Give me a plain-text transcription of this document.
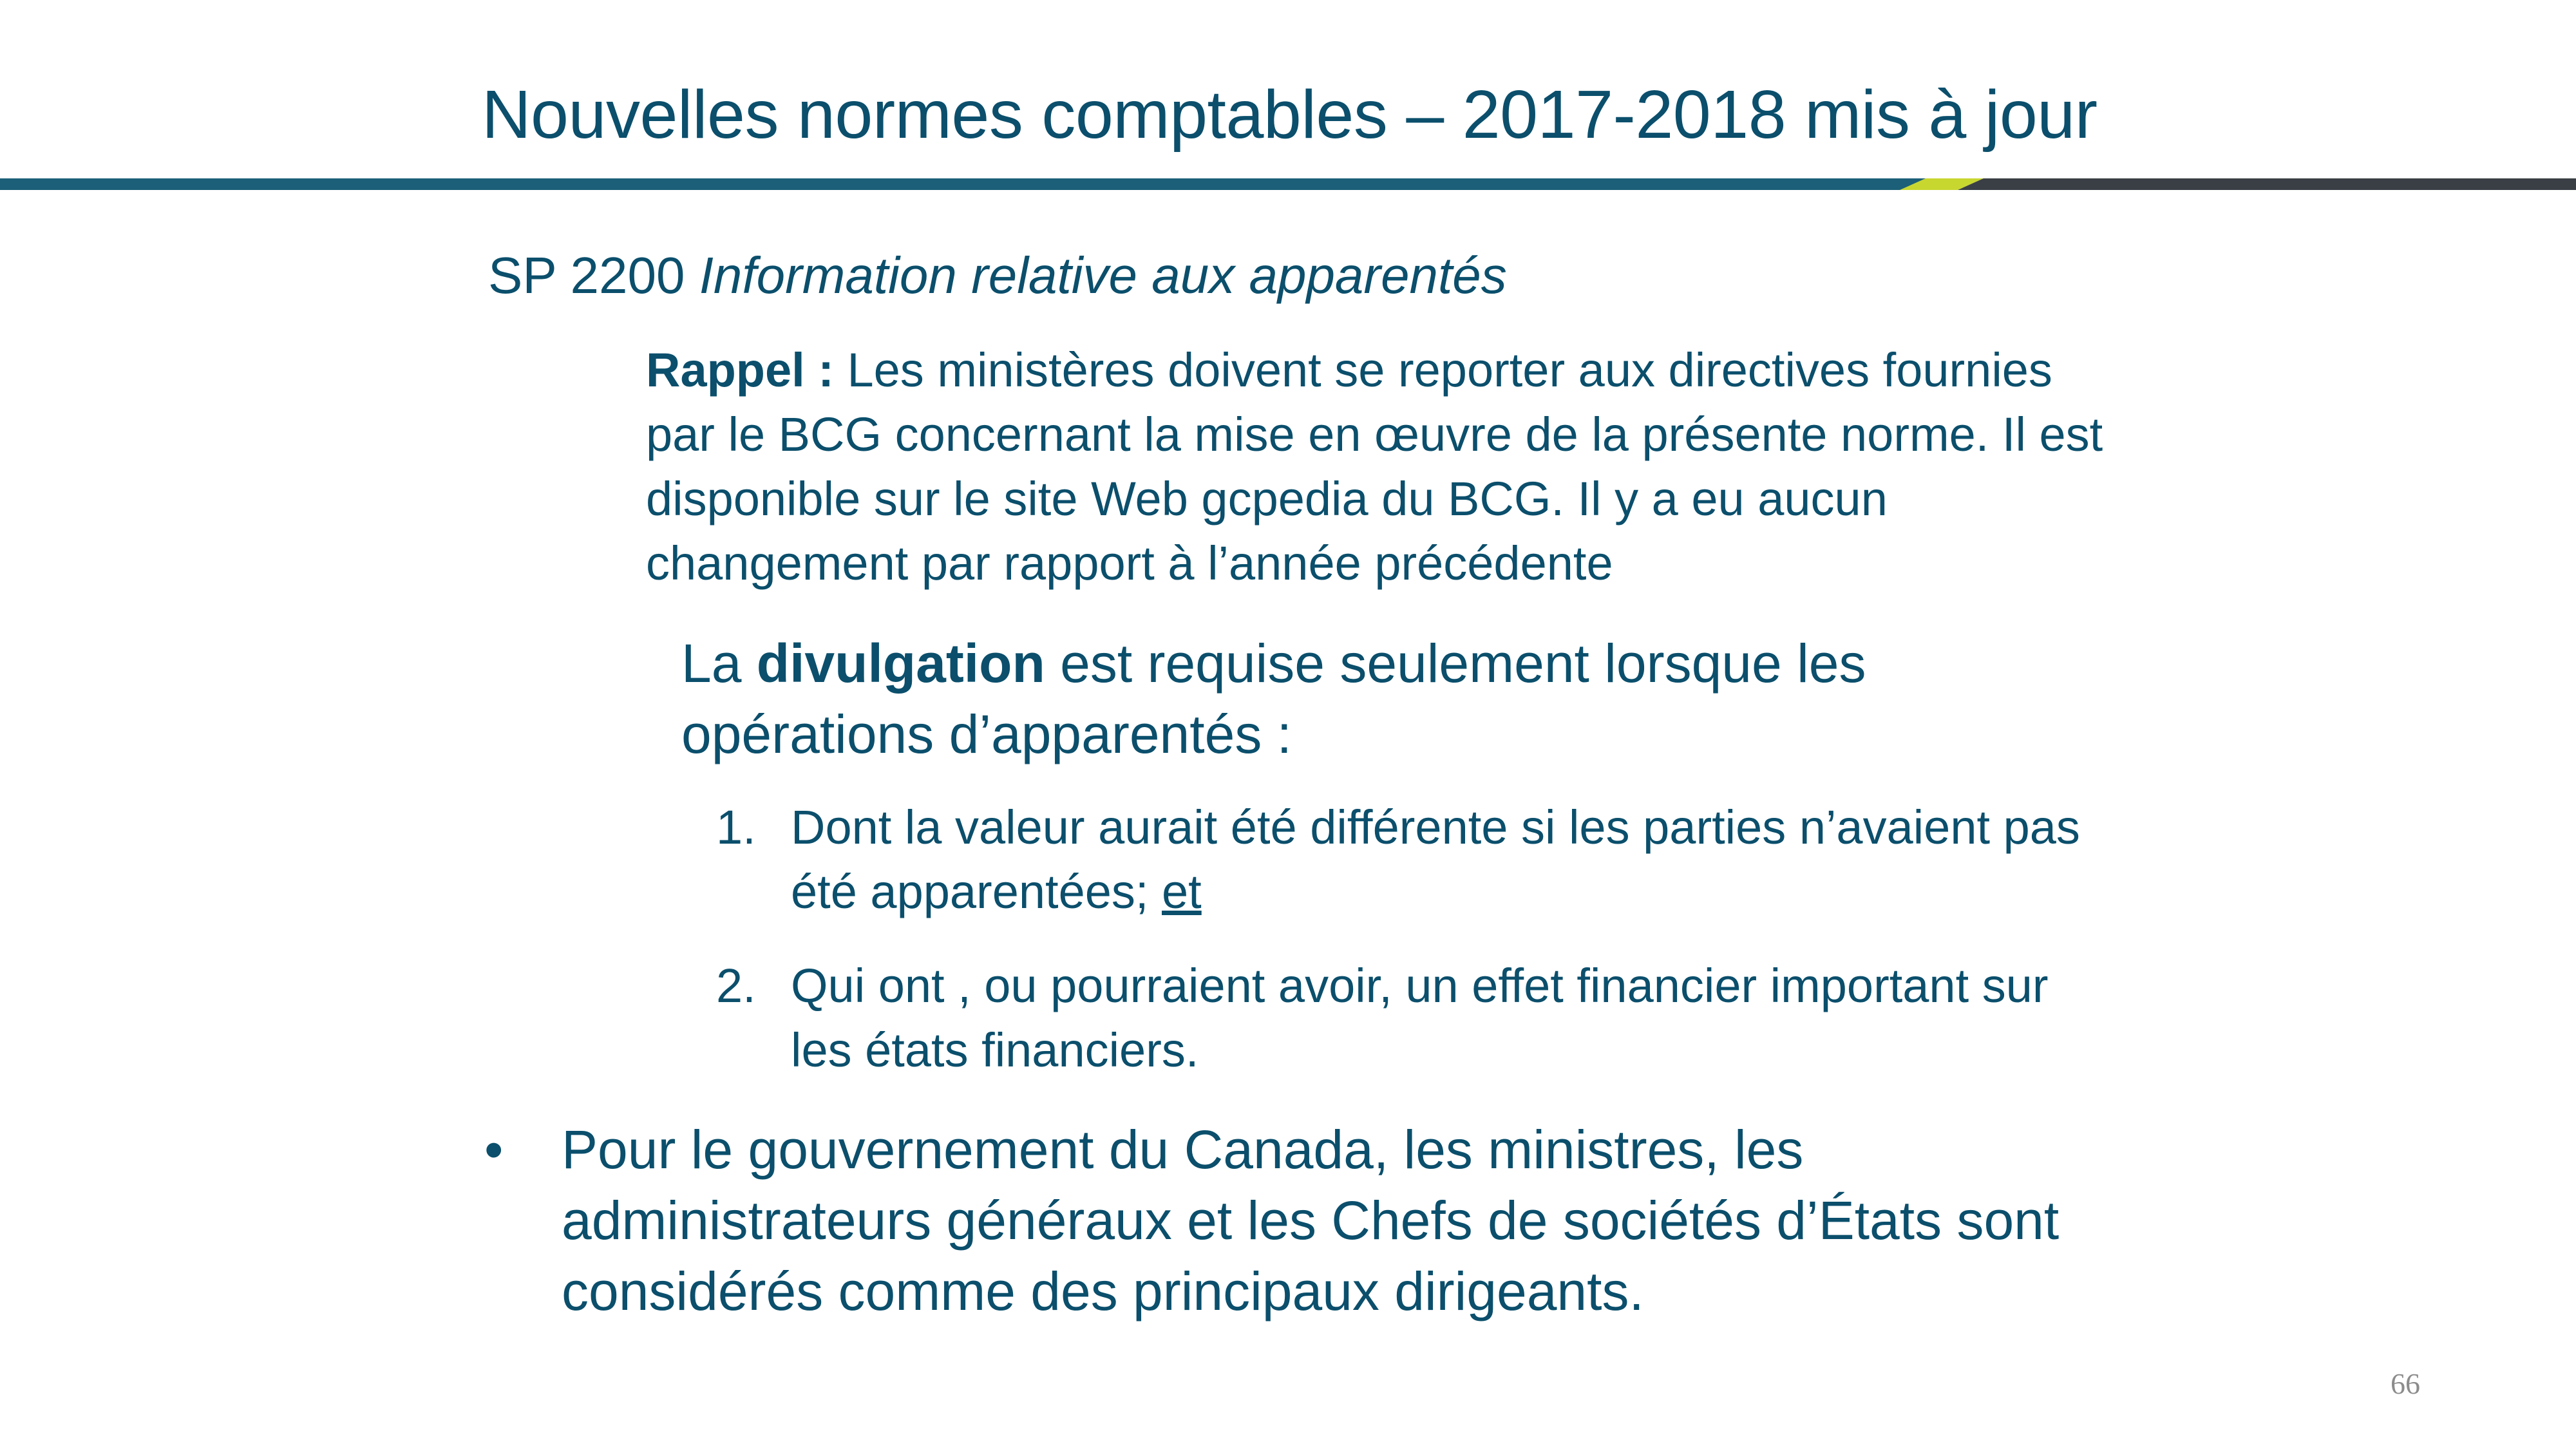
Nouvelles normes comptables – 2017-2018 mis à jour
SP 2200 Information relative aux apparentés
Rappel : Les ministères doivent se reporter aux directives fournies par le BCG concernant la mise en œuvre de la présente norme. Il est disponible sur le site Web gcpedia du BCG. Il y a eu aucun changement par rapport à l’année précédente
La divulgation est requise seulement lorsque les opérations d’apparentés :
1. Dont la valeur aurait été différente si les parties n’avaient pas été apparentées; et
2. Qui ont , ou pourraient avoir, un effet financier important sur les états financiers.
• Pour le gouvernement du Canada, les ministres, les administrateurs généraux et les Chefs de sociétés d’États sont considérés comme des principaux dirigeants.
66
